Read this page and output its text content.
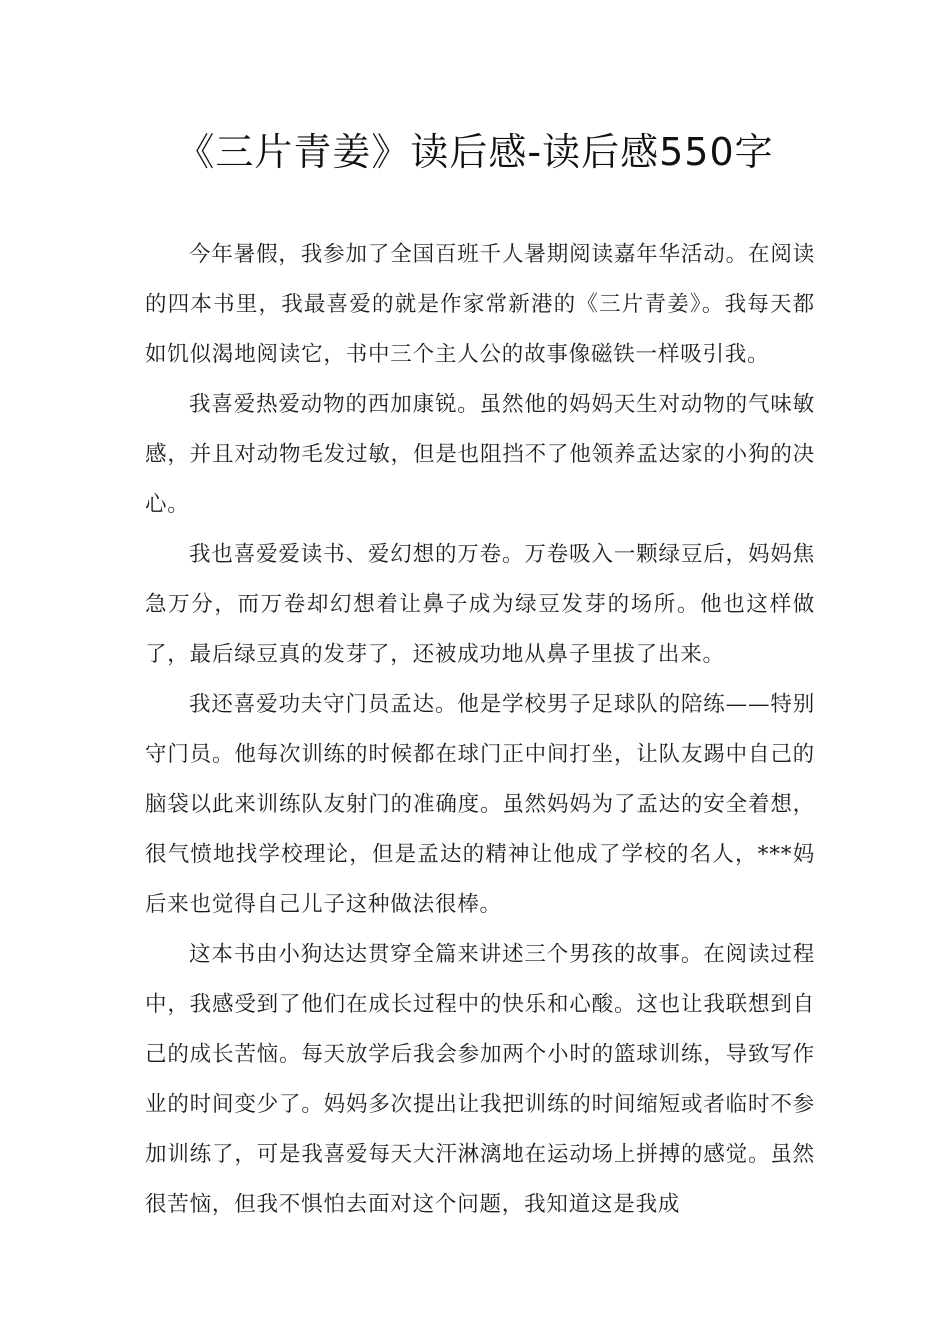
《三片青姜》读后感-读后感550字

今年暑假，我参加了全国百班千人暑期阅读嘉年华活动。在阅读的四本书里，我最喜爱的就是作家常新港的《三片青姜》。我每天都如饥似渴地阅读它，书中三个主人公的故事像磁铁一样吸引我。

我喜爱热爱动物的西加康锐。虽然他的妈妈天生对动物的气味敏感，并且对动物毛发过敏，但是也阻挡不了他领养孟达家的小狗的决心。

我也喜爱爱读书、爱幻想的万卷。万卷吸入一颗绿豆后，妈妈焦急万分，而万卷却幻想着让鼻子成为绿豆发芽的场所。他也这样做了，最后绿豆真的发芽了，还被成功地从鼻子里拔了出来。

我还喜爱功夫守门员孟达。他是学校男子足球队的陪练——特别守门员。他每次训练的时候都在球门正中间打坐，让队友踢中自己的脑袋以此来训练队友射门的准确度。虽然妈妈为了孟达的安全着想，很气愤地找学校理论，但是孟达的精神让他成了学校的名人，***妈后来也觉得自己儿子这种做法很棒。

这本书由小狗达达贯穿全篇来讲述三个男孩的故事。在阅读过程中，我感受到了他们在成长过程中的快乐和心酸。这也让我联想到自己的成长苦恼。每天放学后我会参加两个小时的篮球训练，导致写作业的时间变少了。妈妈多次提出让我把训练的时间缩短或者临时不参加训练了，可是我喜爱每天大汗淋漓地在运动场上拼搏的感觉。虽然很苦恼，但我不惧怕去面对这个问题，我知道这是我成
